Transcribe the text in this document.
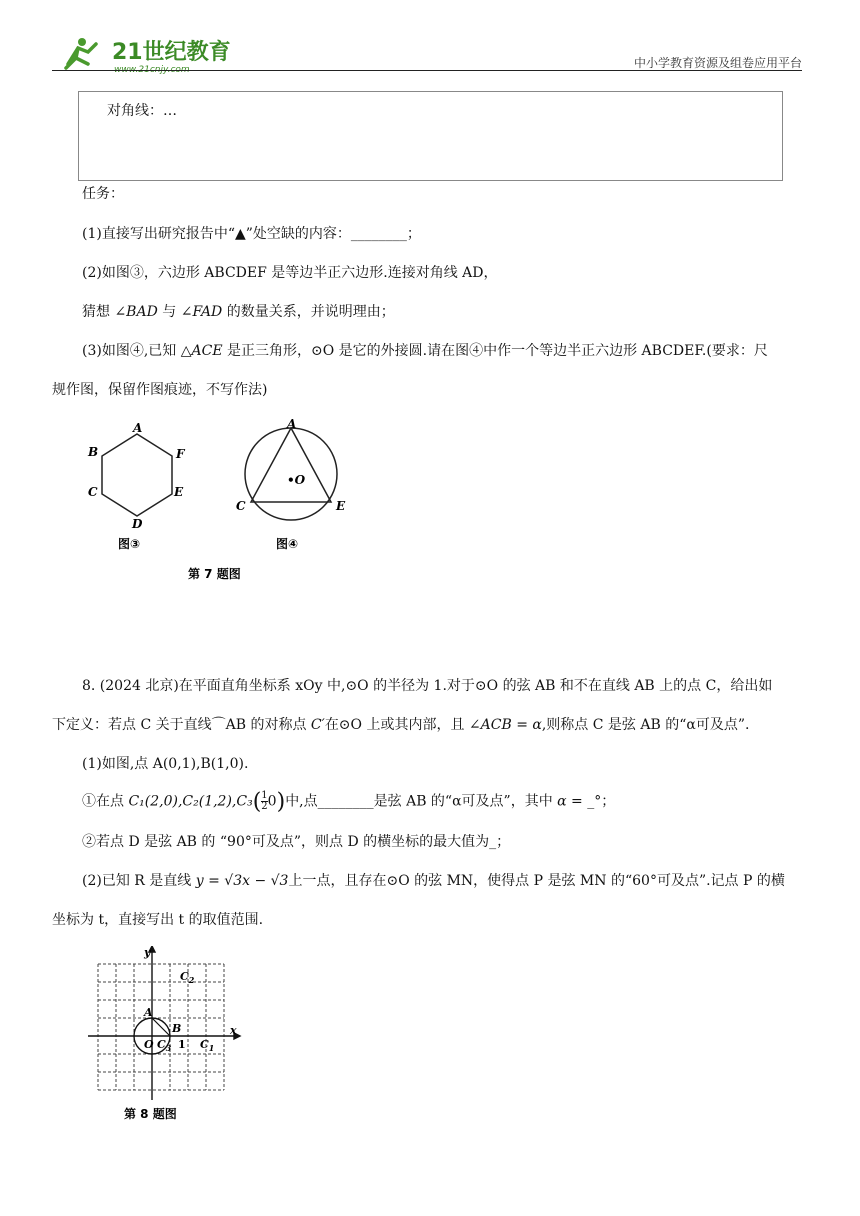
21世纪教育
www.21cnjy.com	中小学教育资源及组卷应用平台
对角线：…
任务：
(1)直接写出研究报告中“▲”处空缺的内容：________；
(2)如图③，六边形 ABCDEF 是等边半正六边形.连接对角线 AD，
猜想 ∠BAD 与 ∠FAD 的数量关系，并说明理由；
(3)如图④,已知 △ACE 是正三角形，⊙O 是它的外接圆.请在图④中作一个等边半正六边形 ABCDEF.(要求：尺
规作图，保留作图痕迹，不写作法)
A
B
C
D
E
F
图③
A
•O
C	E
图④
第 7 题图
8. (2024 北京)在平面直角坐标系 xOy 中,⊙O 的半径为 1.对于⊙O 的弦 AB 和不在直线 AB 上的点 C，给出如
下定义：若点 C 关于直线⌒AB 的对称点 C′在⊙O 上或其内部，且 ∠ACB = α,则称点 C 是弦 AB 的“α可及点”.
(1)如图,点 A(0,1),B(1,0).
①在点 $C_1(2,0),C_2(1,2),C_3( \frac{1}{2} 0)$中,点________是弦 AB 的“α可及点”，其中 α = _°；
②若点 D 是弦 AB 的 “90°可及点”，则点 D 的横坐标的最大值为_；
(2)已知 R 是直线 y = √3x − √3上一点，且存在⊙O 的弦 MN，使得点 P 是弦 MN 的“60°可及点”.记点 P 的横
坐标为 t，直接写出 t 的取值范围.
x
y
O
A
B
1 $C_1$
$C_2$
$C_3$
第 8 题图
